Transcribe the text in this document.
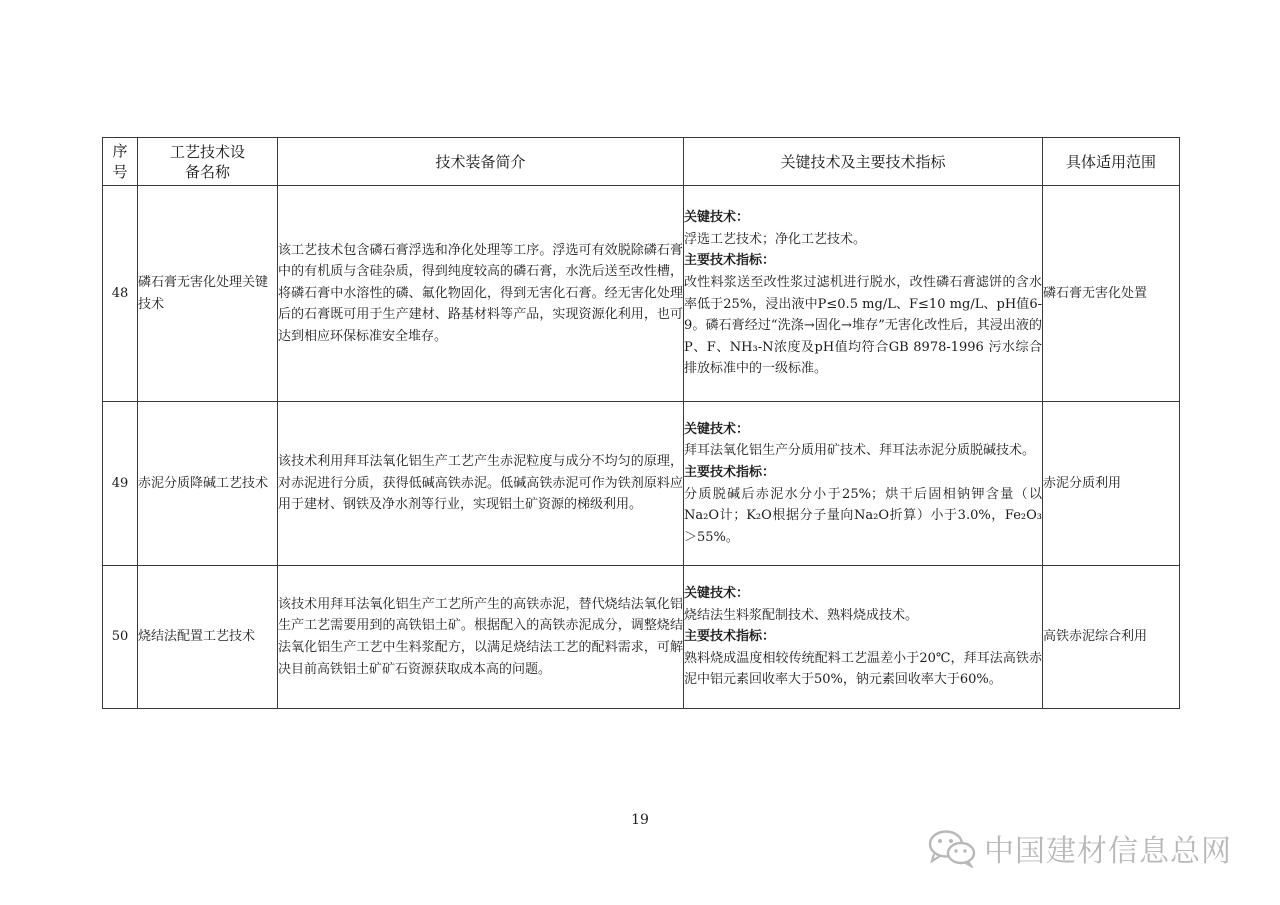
序号	工艺技术设备名称	技术装备简介	关键技术及主要技术指标	具体适用范围
48	磷石膏无害化处理关键技术	该工艺技术包含磷石膏浮选和净化处理等工序。浮选可有效脱除磷石膏中的有机质与含硅杂质，得到纯度较高的磷石膏，水洗后送至改性槽，将磷石膏中水溶性的磷、氟化物固化，得到无害化石膏。经无害化处理后的石膏既可用于生产建材、路基材料等产品，实现资源化利用，也可达到相应环保标准安全堆存。	关键技术：
浮选工艺技术；净化工艺技术。
主要技术指标：
改性料浆送至改性浆过滤机进行脱水，改性磷石膏滤饼的含水率低于25%，浸出液中P≤0.5 mg/L、F≤10 mg/L、pH值6-9。磷石膏经过“洗涤→固化→堆存”无害化改性后，其浸出液的P、F、NH₃-N浓度及pH值均符合GB 8978-1996 污水综合排放标准中的一级标准。	磷石膏无害化处置
49	赤泥分质降碱工艺技术	该技术利用拜耳法氧化铝生产工艺产生赤泥粒度与成分不均匀的原理，对赤泥进行分质，获得低碱高铁赤泥。低碱高铁赤泥可作为铁剂原料应用于建材、钢铁及净水剂等行业，实现铝土矿资源的梯级利用。	关键技术：
拜耳法氧化铝生产分质用矿技术、拜耳法赤泥分质脱碱技术。
主要技术指标：
分质脱碱后赤泥水分小于25%；烘干后固相钠钾含量（以Na₂O计；K₂O根据分子量向Na₂O折算）小于3.0%，Fe₂O₃＞55%。	赤泥分质利用
50	烧结法配置工艺技术	该技术用拜耳法氧化铝生产工艺所产生的高铁赤泥，替代烧结法氧化铝生产工艺需要用到的高铁铝土矿。根据配入的高铁赤泥成分，调整烧结法氧化铝生产工艺中生料浆配方，以满足烧结法工艺的配料需求，可解决目前高铁铝土矿矿石资源获取成本高的问题。	关键技术：
烧结法生料浆配制技术、熟料烧成技术。
主要技术指标：
熟料烧成温度相较传统配料工艺温差小于20℃，拜耳法高铁赤泥中铝元素回收率大于50%，钠元素回收率大于60%。	高铁赤泥综合利用
19
中国建材信息总网
